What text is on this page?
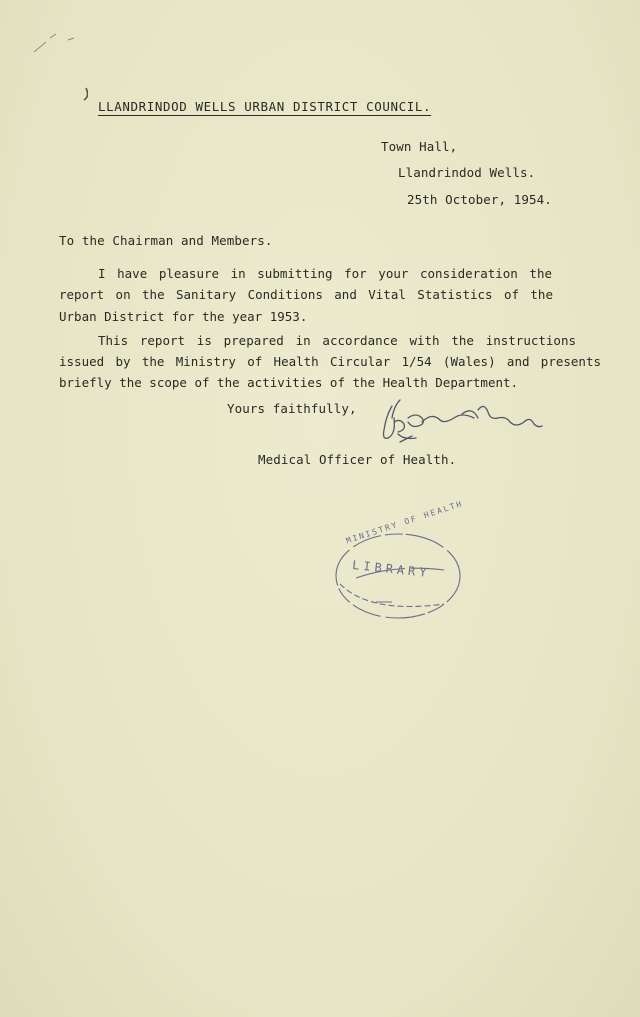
LLANDRINDOD WELLS URBAN DISTRICT COUNCIL.
Town Hall,
Llandrindod Wells.
25th October, 1954.
To the Chairman and Members.
I have pleasure in submitting for your consideration the
report on the Sanitary Conditions and Vital Statistics of the
Urban District for the year 1953.
This report is prepared in accordance with the instructions
issued by the Ministry of Health Circular 1/54 (Wales) and presents
briefly the scope of the activities of the Health Department.
Yours faithfully,
Medical Officer of Health.
MINISTRY OF HEALTH
LIBRARY
